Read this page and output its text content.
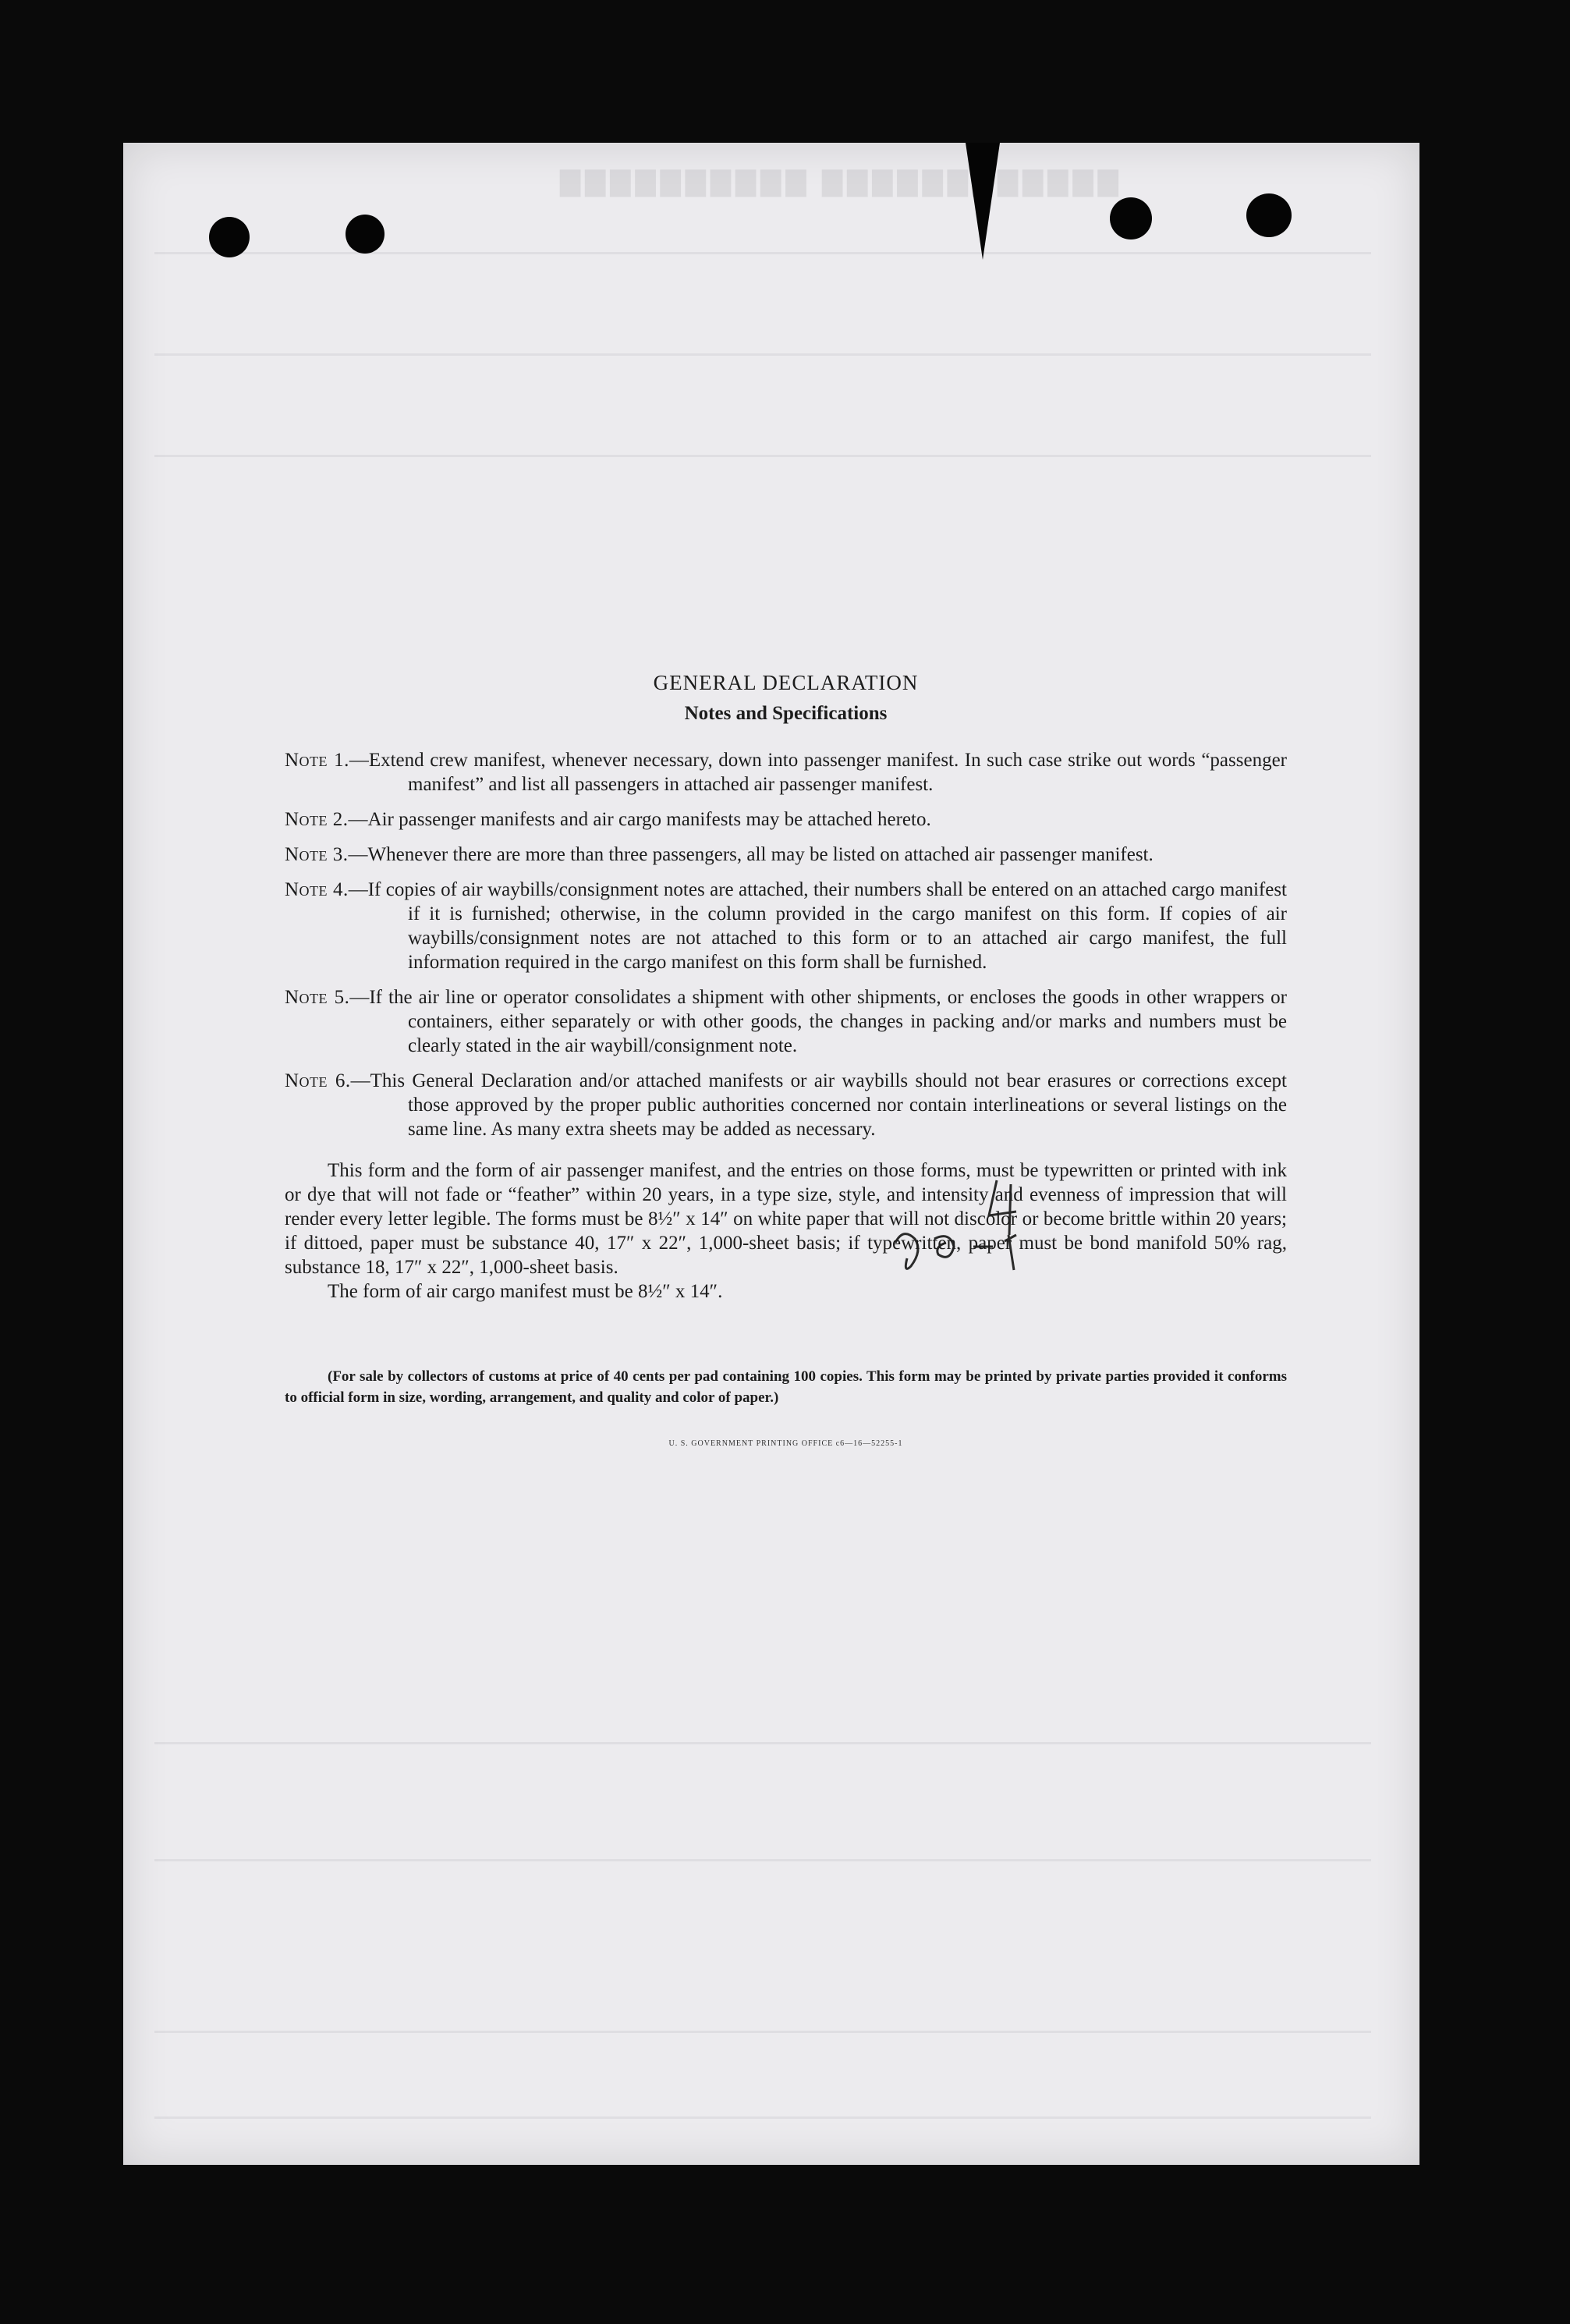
▇▇▇▇▇▇▇▇▇▇ ▇▇▇▇▇▇▇▇▇▇▇▇
GENERAL DECLARATION
Notes and Specifications

Note 1.—Extend crew manifest, whenever necessary, down into passenger manifest. In such case strike out words “passenger manifest” and list all passengers in attached air passenger manifest.

Note 2.—Air passenger manifests and air cargo manifests may be attached hereto.

Note 3.—Whenever there are more than three passengers, all may be listed on attached air passenger manifest.

Note 4.—If copies of air waybills/consignment notes are attached, their numbers shall be entered on an attached cargo manifest if it is furnished; otherwise, in the column provided in the cargo manifest on this form. If copies of air waybills/consignment notes are not attached to this form or to an attached air cargo manifest, the full information required in the cargo manifest on this form shall be furnished.

Note 5.—If the air line or operator consolidates a shipment with other shipments, or encloses the goods in other wrappers or containers, either separately or with other goods, the changes in packing and/or marks and numbers must be clearly stated in the air waybill/consignment note.

Note 6.—This General Declaration and/or attached manifests or air waybills should not bear erasures or corrections except those approved by the proper public authorities concerned nor contain interlineations or several listings on the same line. As many extra sheets may be added as necessary.

This form and the form of air passenger manifest, and the entries on those forms, must be typewritten or printed with ink or dye that will not fade or “feather” within 20 years, in a type size, style, and intensity and evenness of impression that will render every letter legible. The forms must be 8½″ x 14″ on white paper that will not discolor or become brittle within 20 years; if dittoed, paper must be substance 40, 17″ x 22″, 1,000-sheet basis; if typewritten, paper must be bond manifold 50% rag, substance 18, 17″ x 22″, 1,000-sheet basis.

The form of air cargo manifest must be 8½″ x 14″.

(For sale by collectors of customs at price of 40 cents per pad containing 100 copies. This form may be printed by private parties provided it conforms to official form in size, wording, arrangement, and quality and color of paper.)

U. S. GOVERNMENT PRINTING OFFICE c6—16—52255-1
